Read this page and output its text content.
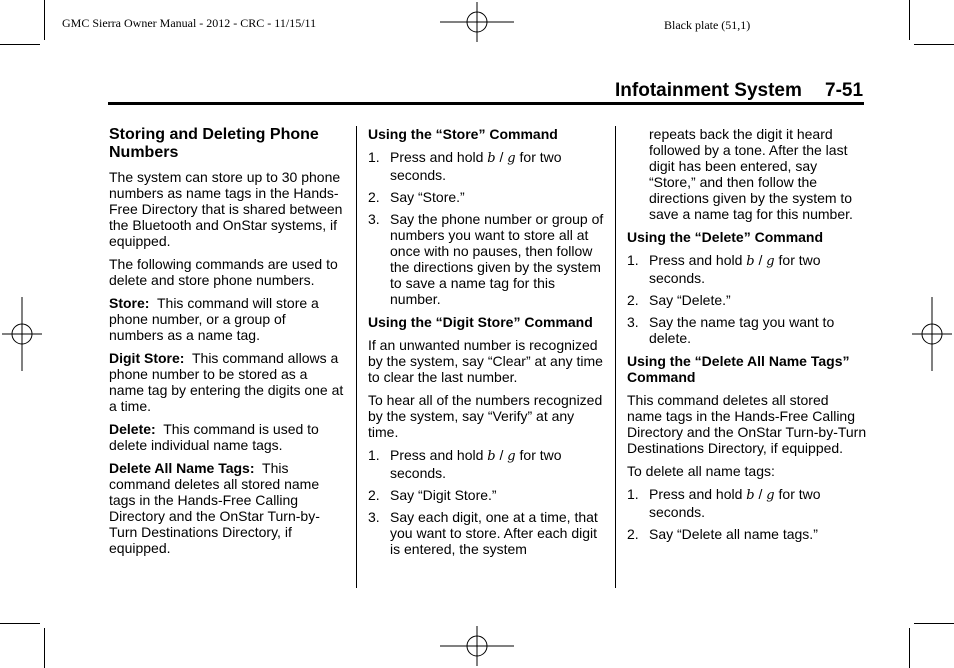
GMC Sierra Owner Manual - 2012 - CRC - 11/15/11	Black plate (51,1)
Infotainment System 7-51
Storing and Deleting Phone Numbers

The system can store up to 30 phone numbers as name tags in the Hands-Free Directory that is shared between the Bluetooth and OnStar systems, if equipped.

The following commands are used to delete and store phone numbers.

Store: This command will store a phone number, or a group of numbers as a name tag.

Digit Store: This command allows a phone number to be stored as a name tag by entering the digits one at a time.

Delete: This command is used to delete individual name tags.

Delete All Name Tags: This command deletes all stored name tags in the Hands-Free Calling Directory and the OnStar Turn-by-Turn Destinations Directory, if equipped.

Using the “Store” Command
1. Press and hold b / g for two seconds.
2. Say “Store.”
3. Say the phone number or group of numbers you want to store all at once with no pauses, then follow the directions given by the system to save a name tag for this number.
Using the “Digit Store” Command

If an unwanted number is recognized by the system, say “Clear” at any time to clear the last number.

To hear all of the numbers recognized by the system, say “Verify” at any time.

1. Press and hold b / g for two seconds.
2. Say “Digit Store.”
3. Say each digit, one at a time, that you want to store. After each digit is entered, the system

repeats back the digit it heard followed by a tone. After the last digit has been entered, say “Store,” and then follow the directions given by the system to save a name tag for this number.

Using the “Delete” Command
1. Press and hold b / g for two seconds.
2. Say “Delete.”
3. Say the name tag you want to delete.
Using the “Delete All Name Tags” Command

This command deletes all stored name tags in the Hands-Free Calling Directory and the OnStar Turn-by-Turn Destinations Directory, if equipped.

To delete all name tags:

1. Press and hold b / g for two seconds.
2. Say “Delete all name tags.”
